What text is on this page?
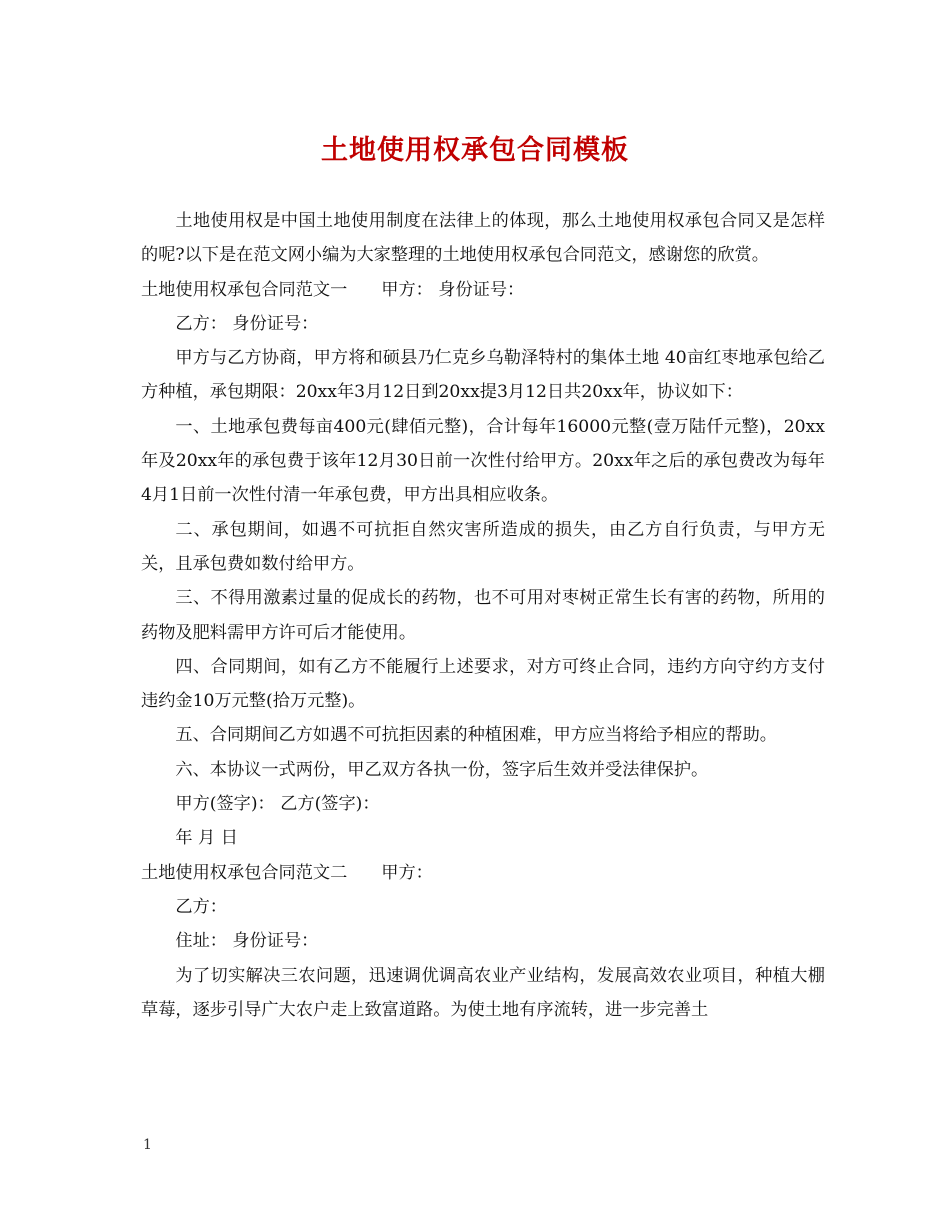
土地使用权承包合同模板

土地使用权是中国土地使用制度在法律上的体现，那么土地使用权承包合同又是怎样的呢?以下是在范文网小编为大家整理的土地使用权承包合同范文，感谢您的欣赏。

土地使用权承包合同范文一 甲方： 身份证号：

乙方： 身份证号：

甲方与乙方协商，甲方将和硕县乃仁克乡乌勒泽特村的集体土地 40亩红枣地承包给乙方种植，承包期限：20xx年3月12日到20xx提3月12日共20xx年，协议如下：

一、土地承包费每亩400元(肆佰元整)，合计每年16000元整(壹万陆仟元整)，20xx年及20xx年的承包费于该年12月30日前一次性付给甲方。20xx年之后的承包费改为每年4月1日前一次性付清一年承包费，甲方出具相应收条。

二、承包期间，如遇不可抗拒自然灾害所造成的损失，由乙方自行负责，与甲方无关，且承包费如数付给甲方。

三、不得用激素过量的促成长的药物，也不可用对枣树正常生长有害的药物，所用的药物及肥料需甲方许可后才能使用。

四、合同期间，如有乙方不能履行上述要求，对方可终止合同，违约方向守约方支付违约金10万元整(拾万元整)。

五、合同期间乙方如遇不可抗拒因素的种植困难，甲方应当将给予相应的帮助。

六、本协议一式两份，甲乙双方各执一份，签字后生效并受法律保护。

甲方(签字)： 乙方(签字)：

年 月 日

土地使用权承包合同范文二 甲方：

乙方：

住址： 身份证号：

为了切实解决三农问题，迅速调优调高农业产业结构，发展高效农业项目，种植大棚草莓，逐步引导广大农户走上致富道路。为使土地有序流转，进一步完善土

1
